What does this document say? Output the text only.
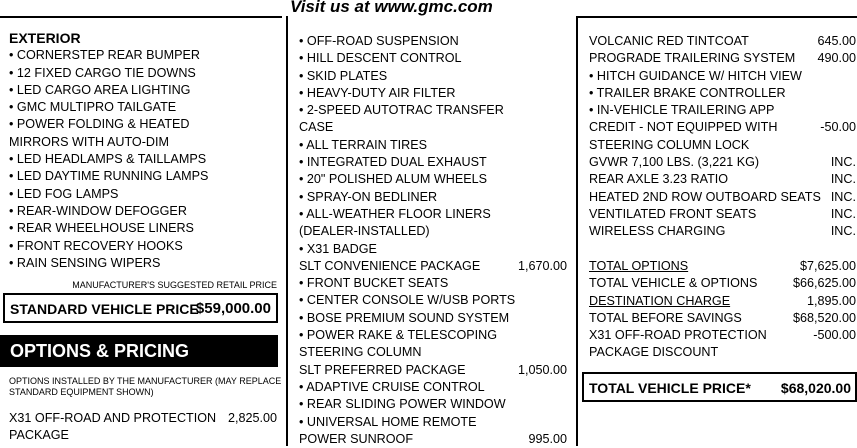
Visit us at www.gmc.com
EXTERIOR
• CORNERSTEP REAR BUMPER
• 12 FIXED CARGO TIE DOWNS
• LED CARGO AREA LIGHTING
• GMC MULTIPRO TAILGATE
• POWER FOLDING & HEATED
MIRRORS WITH AUTO-DIM
• LED HEADLAMPS & TAILLAMPS
• LED DAYTIME RUNNING LAMPS
• LED FOG LAMPS
• REAR-WINDOW DEFOGGER
• REAR WHEELHOUSE LINERS
• FRONT RECOVERY HOOKS
• RAIN SENSING WIPERS
MANUFACTURER'S SUGGESTED RETAIL PRICE
STANDARD VEHICLE PRICE
$59,000.00
OPTIONS & PRICING
OPTIONS INSTALLED BY THE MANUFACTURER (MAY REPLACE
STANDARD EQUIPMENT SHOWN)
X31 OFF-ROAD AND PROTECTION 2,825.00
PACKAGE
• OFF-ROAD SUSPENSION
• HILL DESCENT CONTROL
• SKID PLATES
• HEAVY-DUTY AIR FILTER
• 2-SPEED AUTOTRAC TRANSFER
CASE
• ALL TERRAIN TIRES
• INTEGRATED DUAL EXHAUST
• 20" POLISHED ALUM WHEELS
• SPRAY-ON BEDLINER
• ALL-WEATHER FLOOR LINERS
(DEALER-INSTALLED)
• X31 BADGE
SLT CONVENIENCE PACKAGE	1,670.00
• FRONT BUCKET SEATS
• CENTER CONSOLE W/USB PORTS
• BOSE PREMIUM SOUND SYSTEM
• POWER RAKE & TELESCOPING
STEERING COLUMN
SLT PREFERRED PACKAGE	1,050.00
• ADAPTIVE CRUISE CONTROL
• REAR SLIDING POWER WINDOW
• UNIVERSAL HOME REMOTE
POWER SUNROOF	995.00
VOLCANIC RED TINTCOAT	645.00
PROGRADE TRAILERING SYSTEM 490.00
• HITCH GUIDANCE W/ HITCH VIEW
• TRAILER BRAKE CONTROLLER
• IN-VEHICLE TRAILERING APP
CREDIT - NOT EQUIPPED WITH	-50.00
STEERING COLUMN LOCK
GVWR 7,100 LBS. (3,221 KG)	INC.
REAR AXLE 3.23 RATIO	INC.
HEATED 2ND ROW OUTBOARD SEATS INC.
VENTILATED FRONT SEATS	INC.
WIRELESS CHARGING	INC.
TOTAL OPTIONS	$7,625.00
TOTAL VEHICLE & OPTIONS	$66,625.00
DESTINATION CHARGE	1,895.00
TOTAL BEFORE SAVINGS	$68,520.00
X31 OFF-ROAD PROTECTION	-500.00
PACKAGE DISCOUNT
TOTAL VEHICLE PRICE* $68,020.00
